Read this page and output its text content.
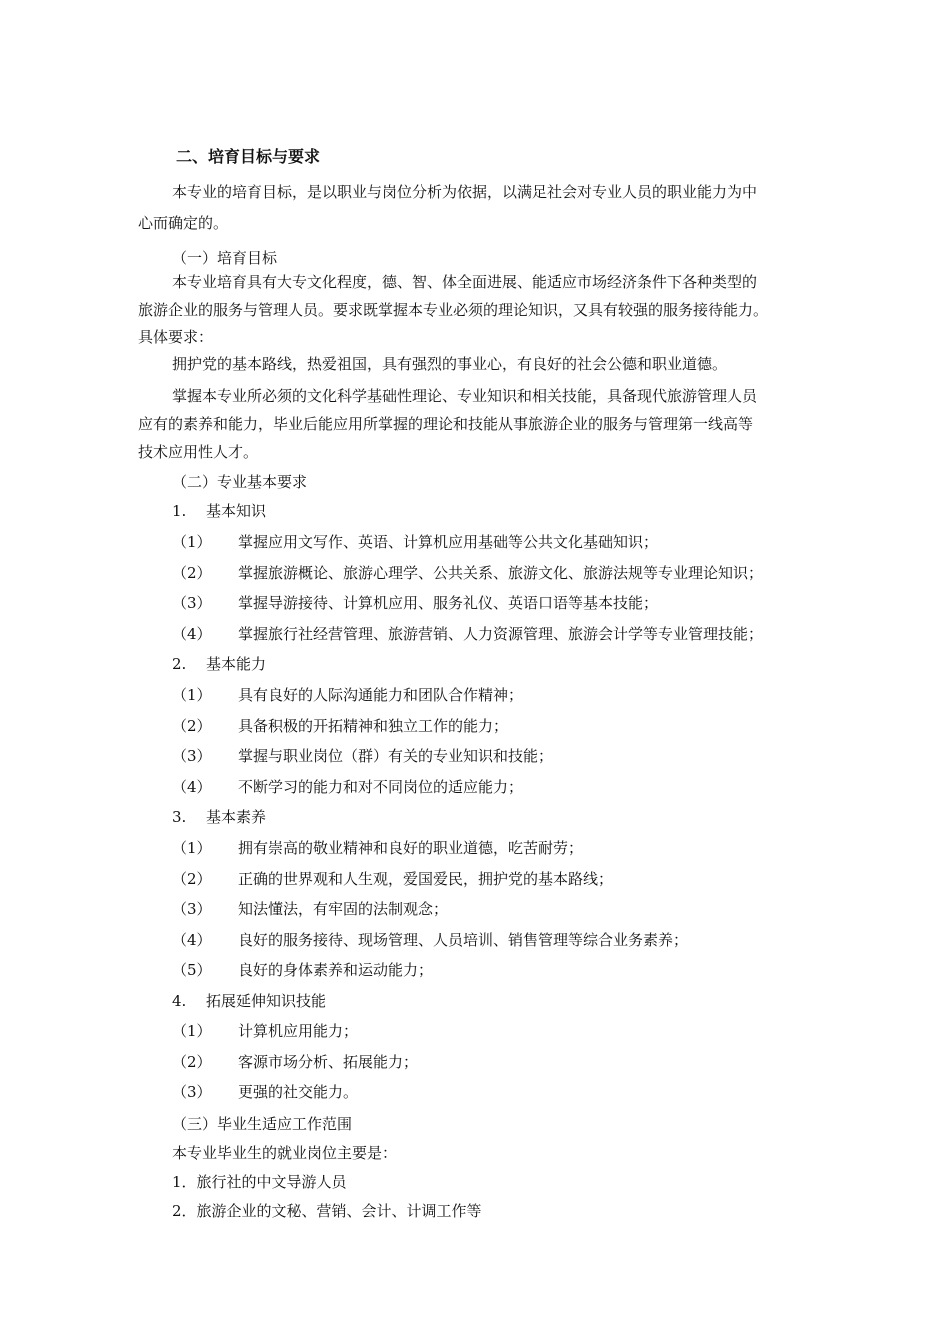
二、培育目标与要求
本专业的培育目标，是以职业与岗位分析为依据，以满足社会对专业人员的职业能力为中
心而确定的。
（一）培育目标
本专业培育具有大专文化程度，德、智、体全面进展、能适应市场经济条件下各种类型的
旅游企业的服务与管理人员。要求既掌握本专业必须的理论知识，又具有较强的服务接待能力。
具体要求：
拥护党的基本路线，热爱祖国，具有强烈的事业心，有良好的社会公德和职业道德。
掌握本专业所必须的文化科学基础性理论、专业知识和相关技能，具备现代旅游管理人员
应有的素养和能力，毕业后能应用所掌握的理论和技能从事旅游企业的服务与管理第一线高等
技术应用性人才。
（二）专业基本要求
1. 基本知识
（1） 掌握应用文写作、英语、计算机应用基础等公共文化基础知识；
（2） 掌握旅游概论、旅游心理学、公共关系、旅游文化、旅游法规等专业理论知识；
（3） 掌握导游接待、计算机应用、服务礼仪、英语口语等基本技能；
（4） 掌握旅行社经营管理、旅游营销、人力资源管理、旅游会计学等专业管理技能；
2. 基本能力
（1） 具有良好的人际沟通能力和团队合作精神；
（2） 具备积极的开拓精神和独立工作的能力；
（3） 掌握与职业岗位（群）有关的专业知识和技能；
（4） 不断学习的能力和对不同岗位的适应能力；
3. 基本素养
（1） 拥有崇高的敬业精神和良好的职业道德，吃苦耐劳；
（2） 正确的世界观和人生观，爱国爱民，拥护党的基本路线；
（3） 知法懂法，有牢固的法制观念；
（4） 良好的服务接待、现场管理、人员培训、销售管理等综合业务素养；
（5） 良好的身体素养和运动能力；
4. 拓展延伸知识技能
（1） 计算机应用能力；
（2） 客源市场分析、拓展能力；
（3） 更强的社交能力。
（三）毕业生适应工作范围
本专业毕业生的就业岗位主要是：
1．旅行社的中文导游人员
2．旅游企业的文秘、营销、会计、计调工作等
